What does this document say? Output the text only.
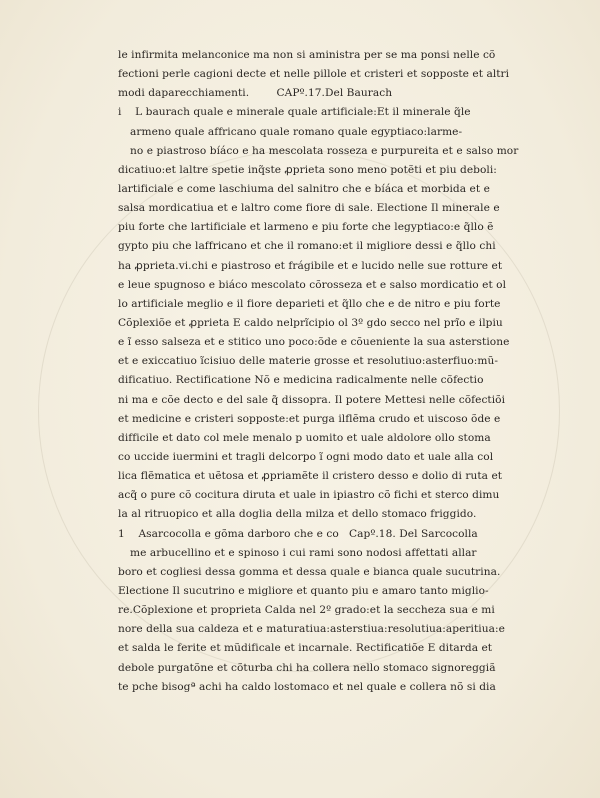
le infirmita melanconice ma non si aministra per se ma ponsi nelle cõ
fectioni perle cagioni decte et nelle pillole et cristeri et sopposte et altri
modi daparecchiamenti.        CAPº.17.Del Baurach
i    L baurach quale e minerale quale artificiale:Et il minerale q̃le
armeno quale affricano quale romano quale egyptiaco:larme-
no e piastroso bíáco e ha mescolata rosseza e purpureita et e salso mor
dicatiuo:et laltre spetie inq̃ste ꝓprieta sono meno potẽti et piu deboli:
lartificiale e come laschiuma del salnitro che e bíáca et morbida et e
salsa mordicatiua et e laltro come fiore di sale. Electione Il minerale e
piu forte che lartificiale et larmeno e piu forte che legyptiaco:e q̃llo ẽ
gypto piu che laffricano et che il romano:et il migliore dessi e q̃llo chi
ha ꝓprieta.vi.chi e piastroso et frágibile et e lucido nelle sue rotture et
e leue spugnoso e biáco mescolato cõrosseza et e salso mordicatio et ol
lo artificiale meglio e il fiore deparieti et q̃llo che e de nitro e piu forte
Cõplexiõe et ꝓprieta E caldo nelprĩcipio ol 3º gdo secco nel prĩo e ilpiu
e ĩ esso salseza et e stitico uno poco:õde e cõueniente la sua asterstione
et e exiccatiuo ĩcisiuo delle materie grosse et resolutiuo:asterfiuo:mũ-
dificatiuo. Rectificatione Nõ e medicina radicalmente nelle cõfectio
ni ma e cõe decto e del sale q̃ dissopra. Il potere Mettesi nelle cõfectiõi
et medicine e cristeri sopposte:et purga ilflẽma crudo et uiscoso õde e
difficile et dato col mele menalo p uomito et uale aldolore ollo stoma
co uccide iuermini et tragli delcorpo ĩ ogni modo dato et uale alla col
lica flẽmatica et uẽtosa et ꝓpriamẽte il cristero desso e dolio di ruta et
acq̃ o pure cõ cocitura diruta et uale in ipiastro cõ fichi et sterco dimu
la al ritruopico et alla doglia della milza et dello stomaco friggido.
1    Asarcocolla e gõma darboro che e co   Capº.18. Del Sarcocolla
me arbucellino et e spinoso i cui rami sono nodosi affettati allar
boro et cogliesi dessa gomma et dessa quale e bianca quale sucutrina.
Electione Il sucutrino e migliore et quanto piu e amaro tanto miglio-
re.Cõplexione et proprieta Calda nel 2º grado:et la seccheza sua e mi
nore della sua caldeza et e maturatiua:asterstiua:resolutiua:aperitiua:e
et salda le ferite et mũdificale et incarnale. Rectificatiõe E ditarda et
debole purgatõne et cõturba chi ha collera nello stomaco signoreggiã
te pche bisogª achi ha caldo lostomaco et nel quale e collera nõ si dia
